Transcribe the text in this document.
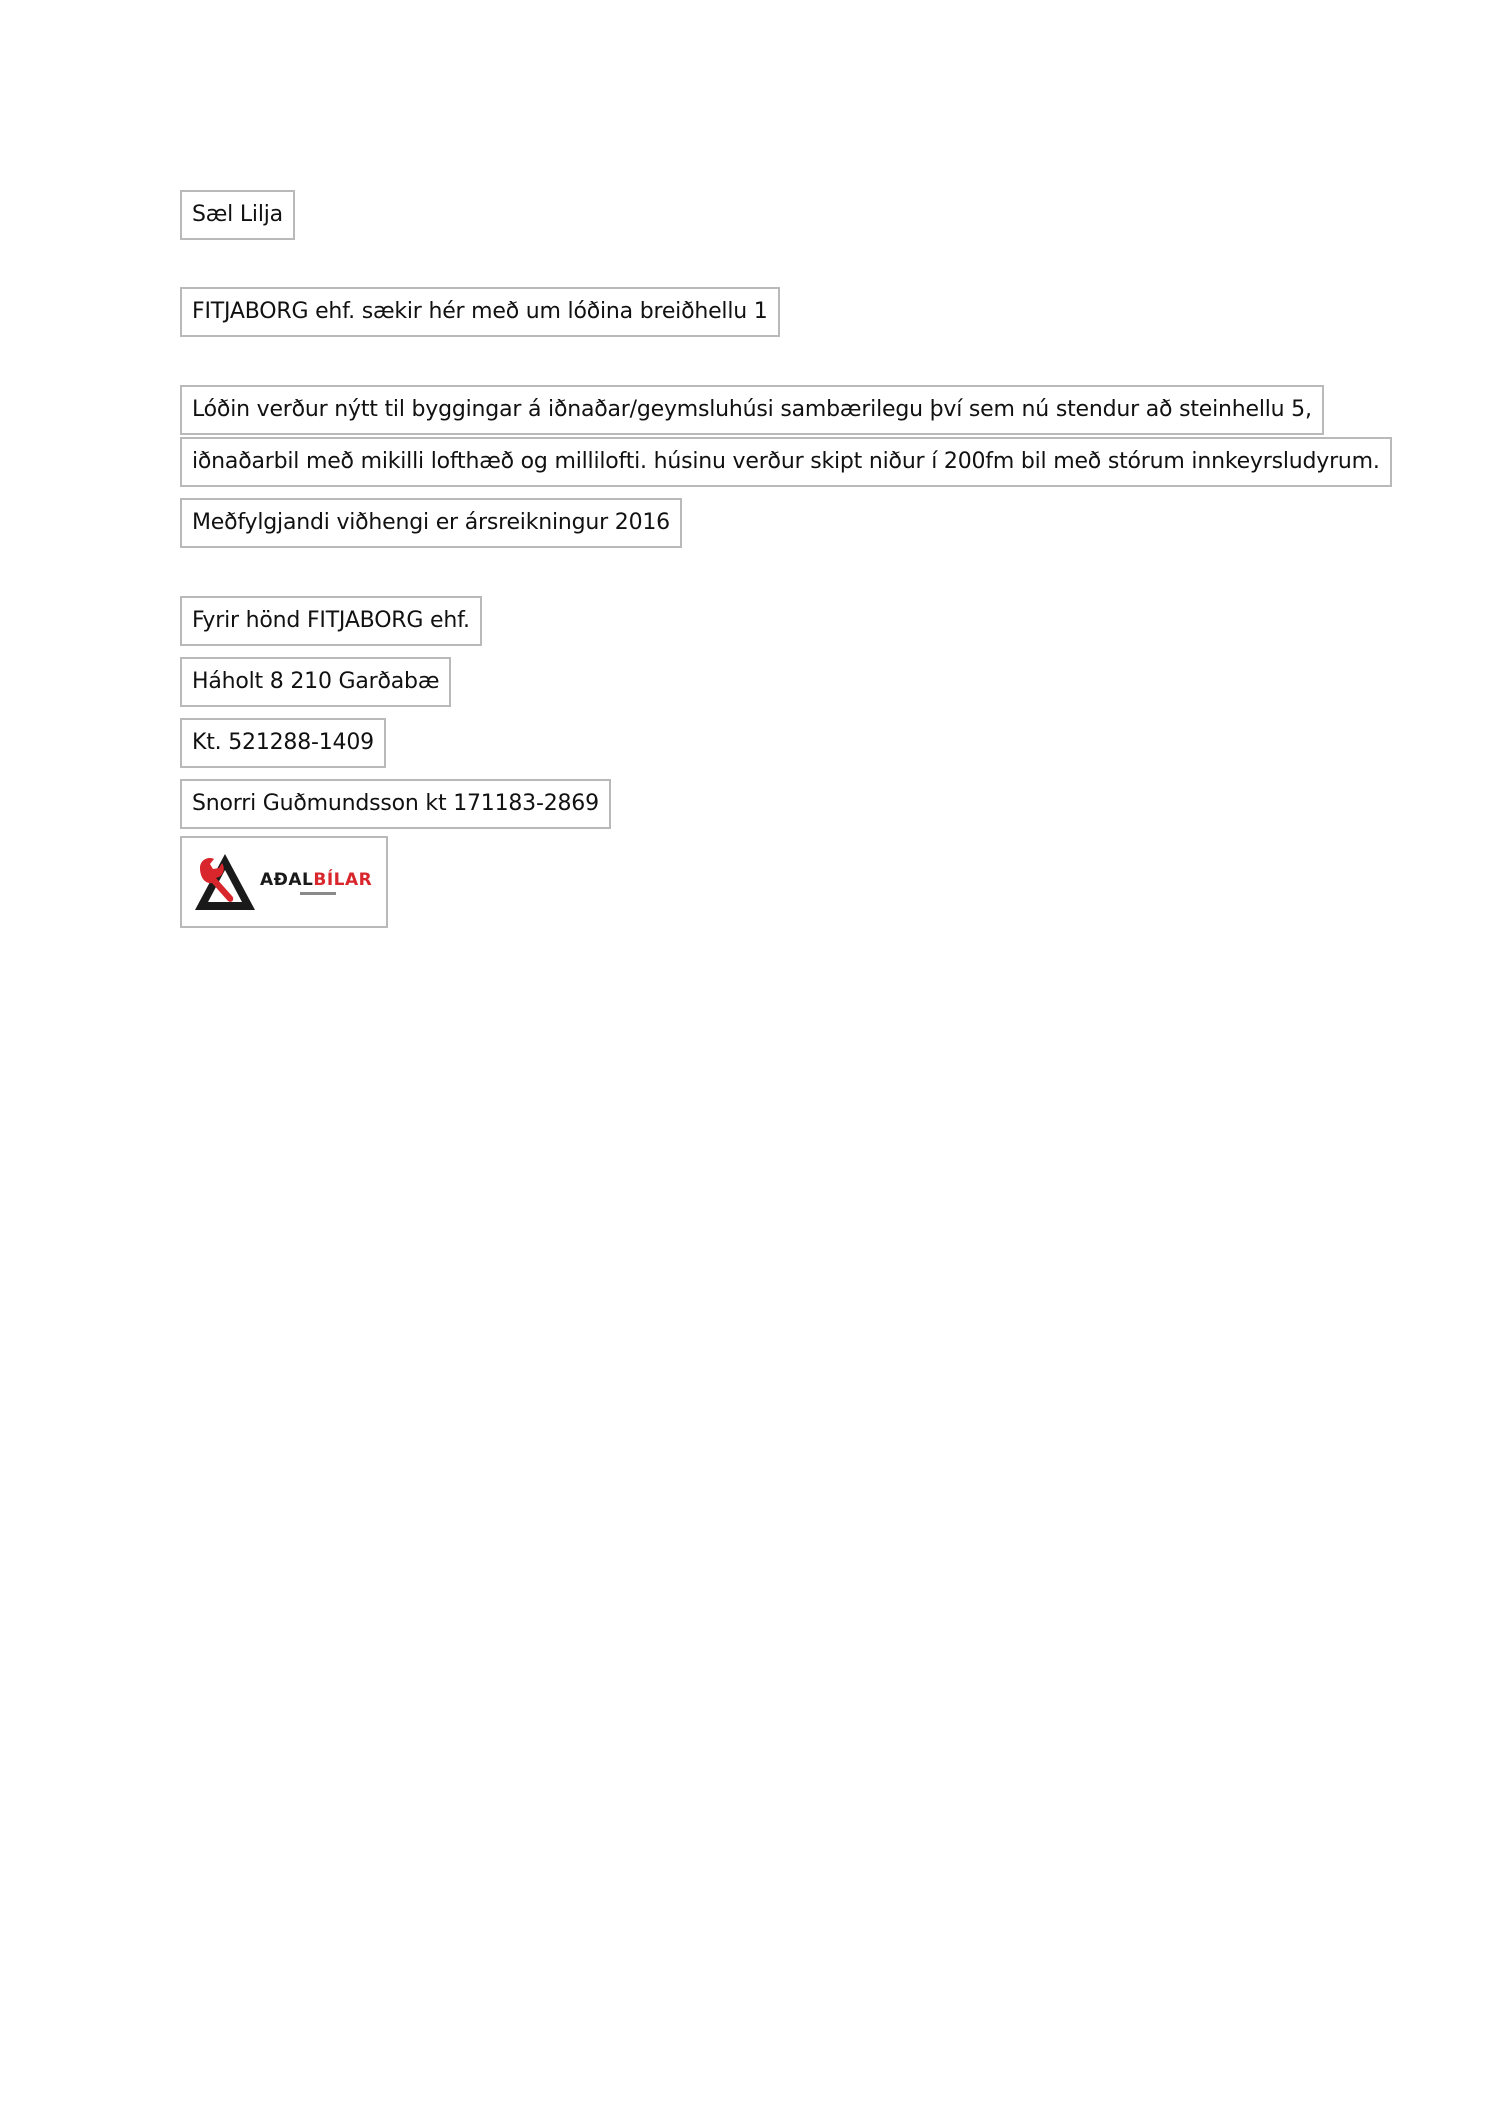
Sæl Lilja
FITJABORG ehf. sækir hér með um lóðina breiðhellu 1
Lóðin verður nýtt til byggingar á iðnaðar/geymsluhúsi sambærilegu því sem nú stendur að steinhellu 5,
iðnaðarbil með mikilli lofthæð og millilofti. húsinu verður skipt niður í 200fm bil með stórum innkeyrsludyrum.
Meðfylgjandi viðhengi er ársreikningur 2016
Fyrir hönd FITJABORG ehf.
Háholt 8 210 Garðabæ
Kt. 521288-1409
Snorri Guðmundsson kt 171183-2869
AÐALBÍLAR
